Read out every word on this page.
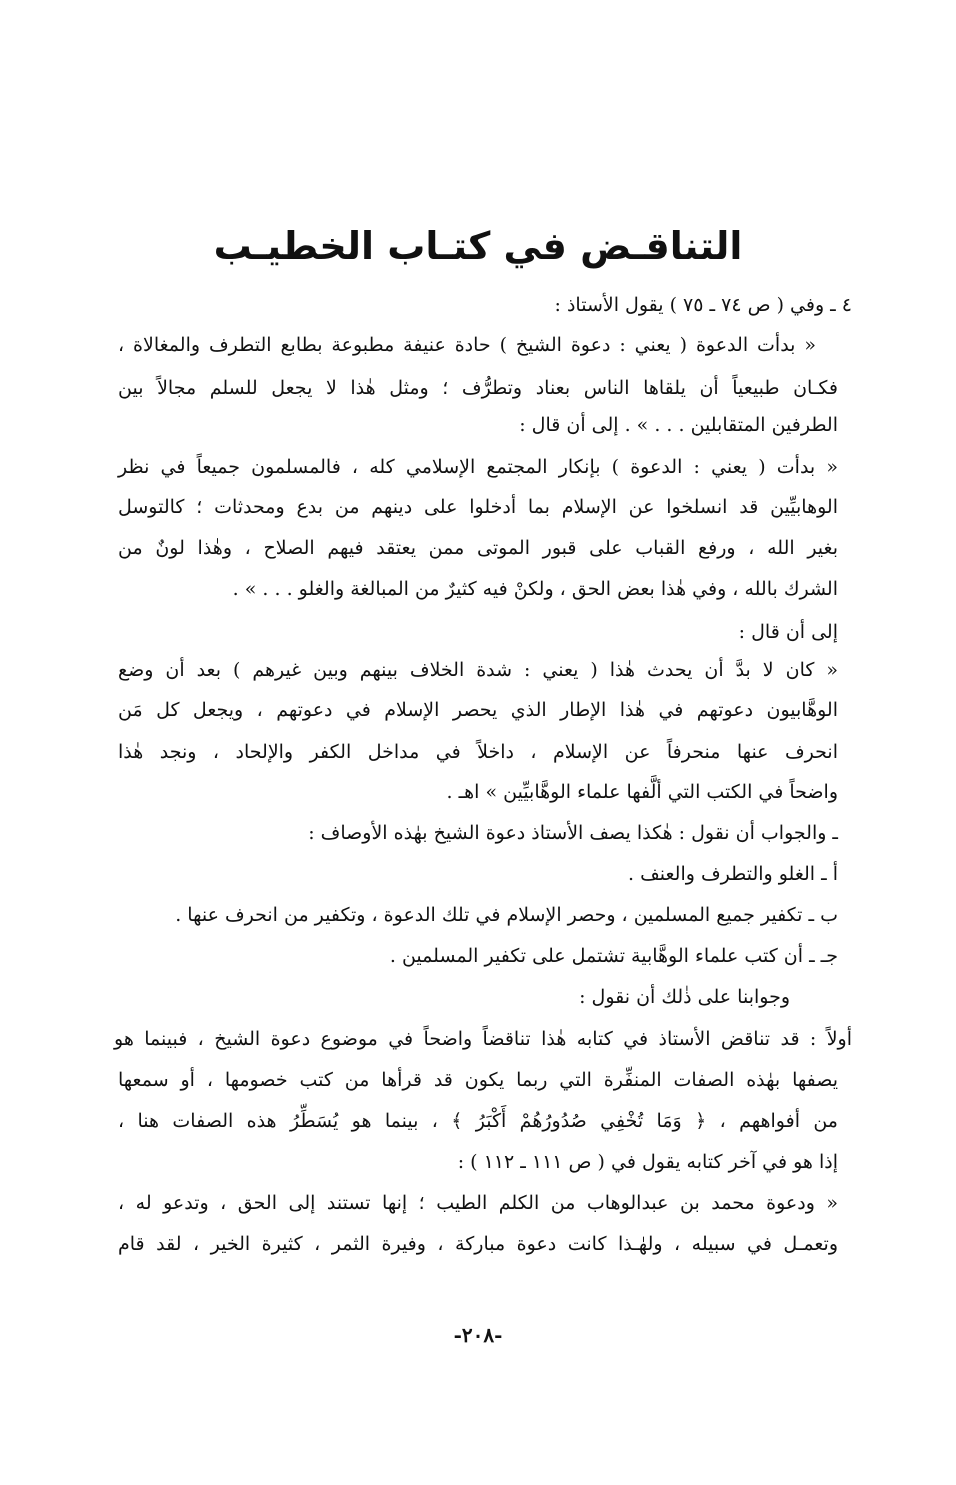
التناقـض في كتـاب الخطيـب
٤ ـ وفي ( ص ٧٤ ـ ٧٥ ) يقول الأستاذ :
« بدأت الدعوة ( يعني : دعوة الشيخ ) حادة عنيفة مطبوعة بطابع التطرف والمغالاة ،
فكـان طبيعياً أن يلقاها الناس بعناد وتطرُّف ؛ ومثل هٰذا لا يجعل للسلم مجالاً بين
الطرفين المتقابلين . . . » . إلى أن قال :
« بدأت ( يعني : الدعوة ) بإنكار المجتمع الإسلامي كله ، فالمسلمون جميعاً في نظر
الوهابيِّين قد انسلخوا عن الإسلام بما أدخلوا على دينهم من بدع ومحدثات ؛ كالتوسل
بغير الله ، ورفع القباب على قبور الموتى ممن يعتقد فيهم الصلاح ، وهٰذا لونٌ من
الشرك بالله ، وفي هٰذا بعض الحق ، ولكنْ فيه كثيرٌ من المبالغة والغلو . . . » .
إلى أن قال :
« كان لا بدَّ أن يحدث هٰذا ( يعني : شدة الخلاف بينهم وبين غيرهم ) بعد أن وضع
الوهَّابيون دعوتهم في هٰذا الإطار الذي يحصر الإسلام في دعوتهم ، ويجعل كل مَن
انحرف عنها منحرفاً عن الإسلام ، داخلاً في مداخل الكفر والإلحاد ، ونجد هٰذا
واضحاً في الكتب التي ألَّفها علماء الوهَّابيِّين » اهـ .
ـ والجواب أن نقول : هٰكذا يصف الأستاذ دعوة الشيخ بهٰذه الأوصاف :
أ ـ الغلو والتطرف والعنف .
ب ـ تكفير جميع المسلمين ، وحصر الإسلام في تلك الدعوة ، وتكفير من انحرف عنها .
جـ ـ أن كتب علماء الوهَّابية تشتمل على تكفير المسلمين .
وجوابنا على ذٰلك أن نقول :
أولاً : قد تناقض الأستاذ في كتابه هٰذا تناقضاً واضحاً في موضوع دعوة الشيخ ، فبينما هو
يصفها بهٰذه الصفات المنفِّرة التي ربما يكون قد قرأها من كتب خصومها ، أو سمعها
من أفواههم ، ﴿ وَمَا تُخْفِي صُدُورُهُمْ أَكْبَرُ ﴾ ، بينما هو يُسَطِّرُ هذه الصفات هنا ،
إذا هو في آخر كتابه يقول في ( ص ١١١ ـ ١١٢ ) :
« ودعوة محمد بن عبدالوهاب من الكلم الطيب ؛ إنها تستند إلى الحق ، وتدعو له ،
وتعمـل في سبيله ، ولهٰـذا كانت دعوة مباركة ، وفيرة الثمر ، كثيرة الخير ، لقد قام
-٢٠٨-
